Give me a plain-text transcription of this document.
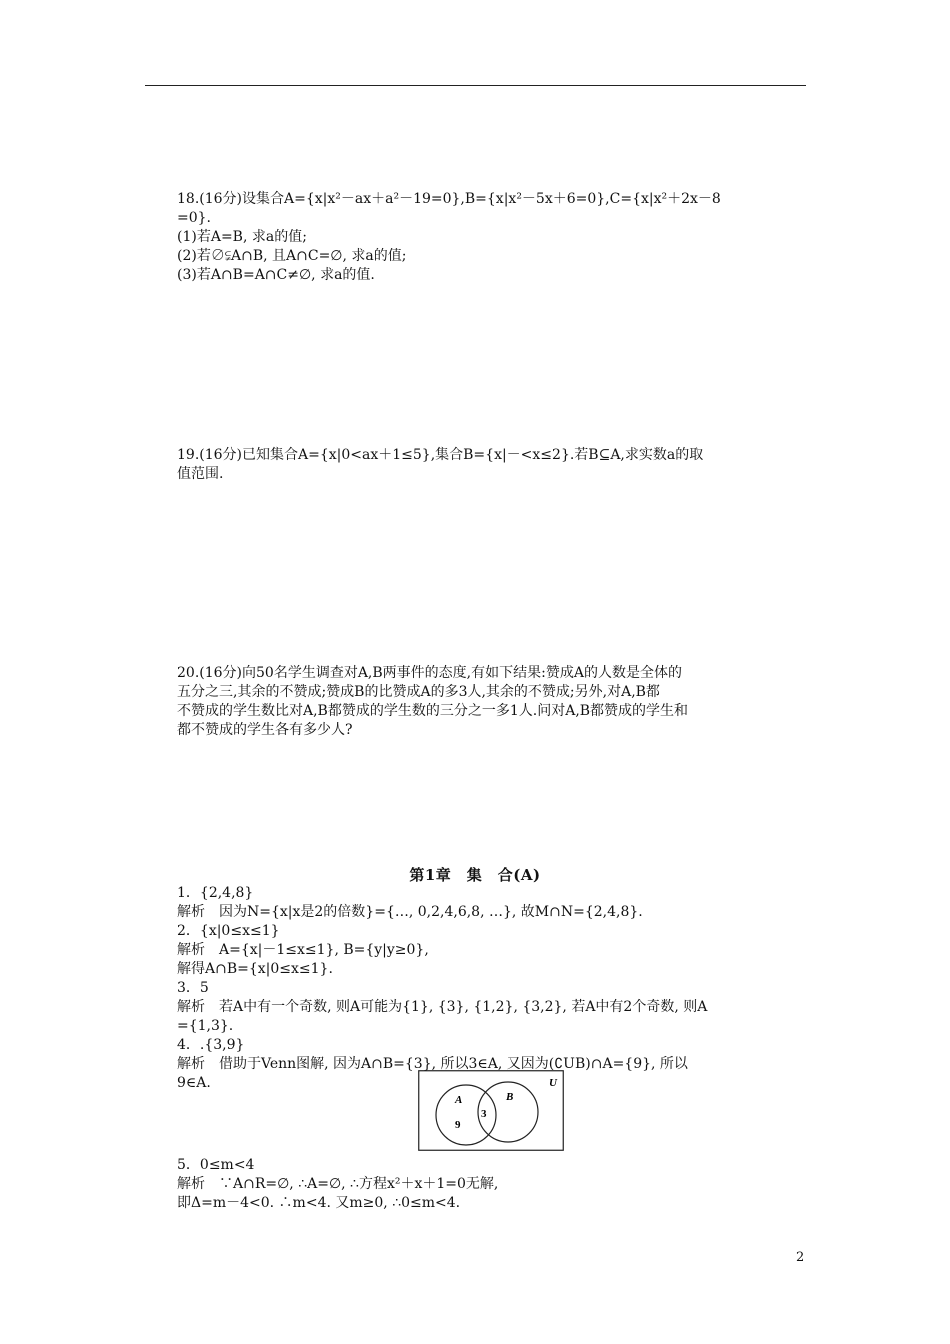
18.(16分)设集合A={x|x²－ax＋a²－19=0},B={x|x²－5x＋6=0},C={x|x²＋2x－8
=0}.
(1)若A=B, 求a的值;
(2)若∅⫋A∩B, 且A∩C=∅, 求a的值;
(3)若A∩B=A∩C≠∅, 求a的值.
19.(16分)已知集合A={x|0<ax＋1≤5},集合B={x|－<x≤2}.若B⊆A,求实数a的取
值范围.
20.(16分)向50名学生调查对A,B两事件的态度,有如下结果:赞成A的人数是全体的
五分之三,其余的不赞成;赞成B的比赞成A的多3人,其余的不赞成;另外,对A,B都
不赞成的学生数比对A,B都赞成的学生数的三分之一多1人.问对A,B都赞成的学生和
都不赞成的学生各有多少人?
第1章　集　合(A)
1．{2,4,8}
解析　因为N={x|x是2的倍数}={…, 0,2,4,6,8, …}, 故M∩N={2,4,8}.
2．{x|0≤x≤1}
解析　A={x|－1≤x≤1}, B={y|y≥0},
解得A∩B={x|0≤x≤1}.
3．5
解析　若A中有一个奇数, 则A可能为{1}, {3}, {1,2}, {3,2}, 若A中有2个奇数, 则A
={1,3}.
4．.{3,9}
解析　借助于Venn图解, 因为A∩B={3}, 所以3∈A, 又因为(∁UB)∩A={9}, 所以
9∈A.	U
A	B
3
9
5．0≤m<4
解析　∵A∩R=∅, ∴A=∅, ∴方程x²＋x＋1=0无解,
即Δ=m－4<0. ∴m<4. 又m≥0, ∴0≤m<4.
2
